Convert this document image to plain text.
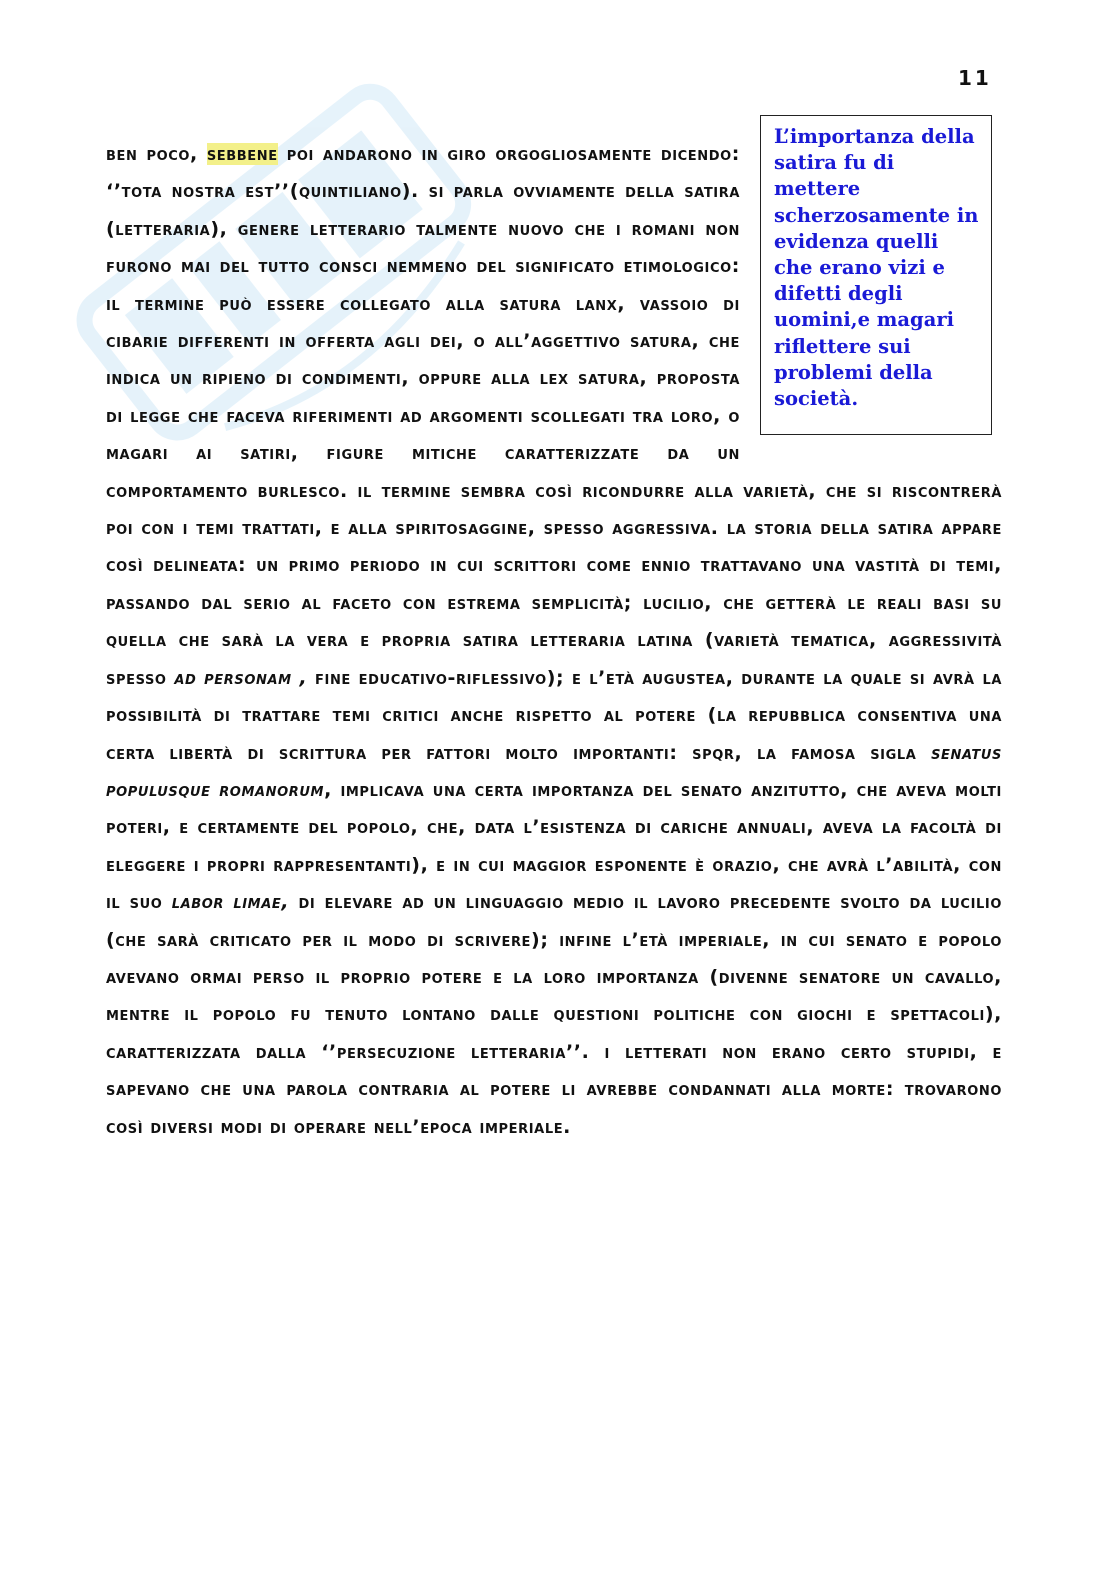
11
L’importanza della satira fu di mettere scherzosamente in evidenza quelli che erano vizi e difetti degli uomini,e magari riflettere sui problemi della società.
ben poco, sebbene poi andarono in giro orgogliosamente dicendo: ‘’tota nostra est’’(quintiliano). si parla ovviamente della satira (letteraria), genere letterario talmente nuovo che i romani non furono mai del tutto consci nemmeno del significato etimologico: il termine può essere collegato alla satura lanx, vassoio di cibarie differenti in offerta agli dei, o all’aggettivo satura, che indica un ripieno di condimenti, oppure alla lex satura, proposta di legge che faceva riferimenti ad argomenti scollegati tra loro, o magari ai satiri, figure mitiche caratterizzate da un comportamento burlesco. il termine sembra così ricondurre alla varietà, che si riscontrerà poi con i temi trattati, e alla spiritosaggine, spesso aggressiva. la storia della satira appare così delineata: un primo periodo in cui scrittori come ennio trattavano una vastità di temi, passando dal serio al faceto con estrema semplicità; lucilio, che getterà le reali basi su quella che sarà la vera e propria satira letteraria latina (varietà tematica, aggressività spesso ad personam , fine educativo-riflessivo); e l’età augustea, durante la quale si avrà la possibilità di trattare temi critici anche rispetto al potere (la repubblica consentiva una certa libertà di scrittura per fattori molto importanti: spqr, la famosa sigla senatus populusque romanorum, implicava una certa importanza del senato anzitutto, che aveva molti poteri, e certamente del popolo, che, data l’esistenza di cariche annuali, aveva la facoltà di eleggere i propri rappresentanti), e in cui maggior esponente è orazio, che avrà l’abilità, con il suo labor limae, di elevare ad un linguaggio medio il lavoro precedente svolto da lucilio (che sarà criticato per il modo di scrivere); infine l’età imperiale, in cui senato e popolo avevano ormai perso il proprio potere e la loro importanza (divenne senatore un cavallo, mentre il popolo fu tenuto lontano dalle questioni politiche con giochi e spettacoli), caratterizzata dalla ‘’persecuzione letteraria’’. i letterati non erano certo stupidi, e sapevano che una parola contraria al potere li avrebbe condannati alla morte: trovarono così diversi modi di operare nell’epoca imperiale.
